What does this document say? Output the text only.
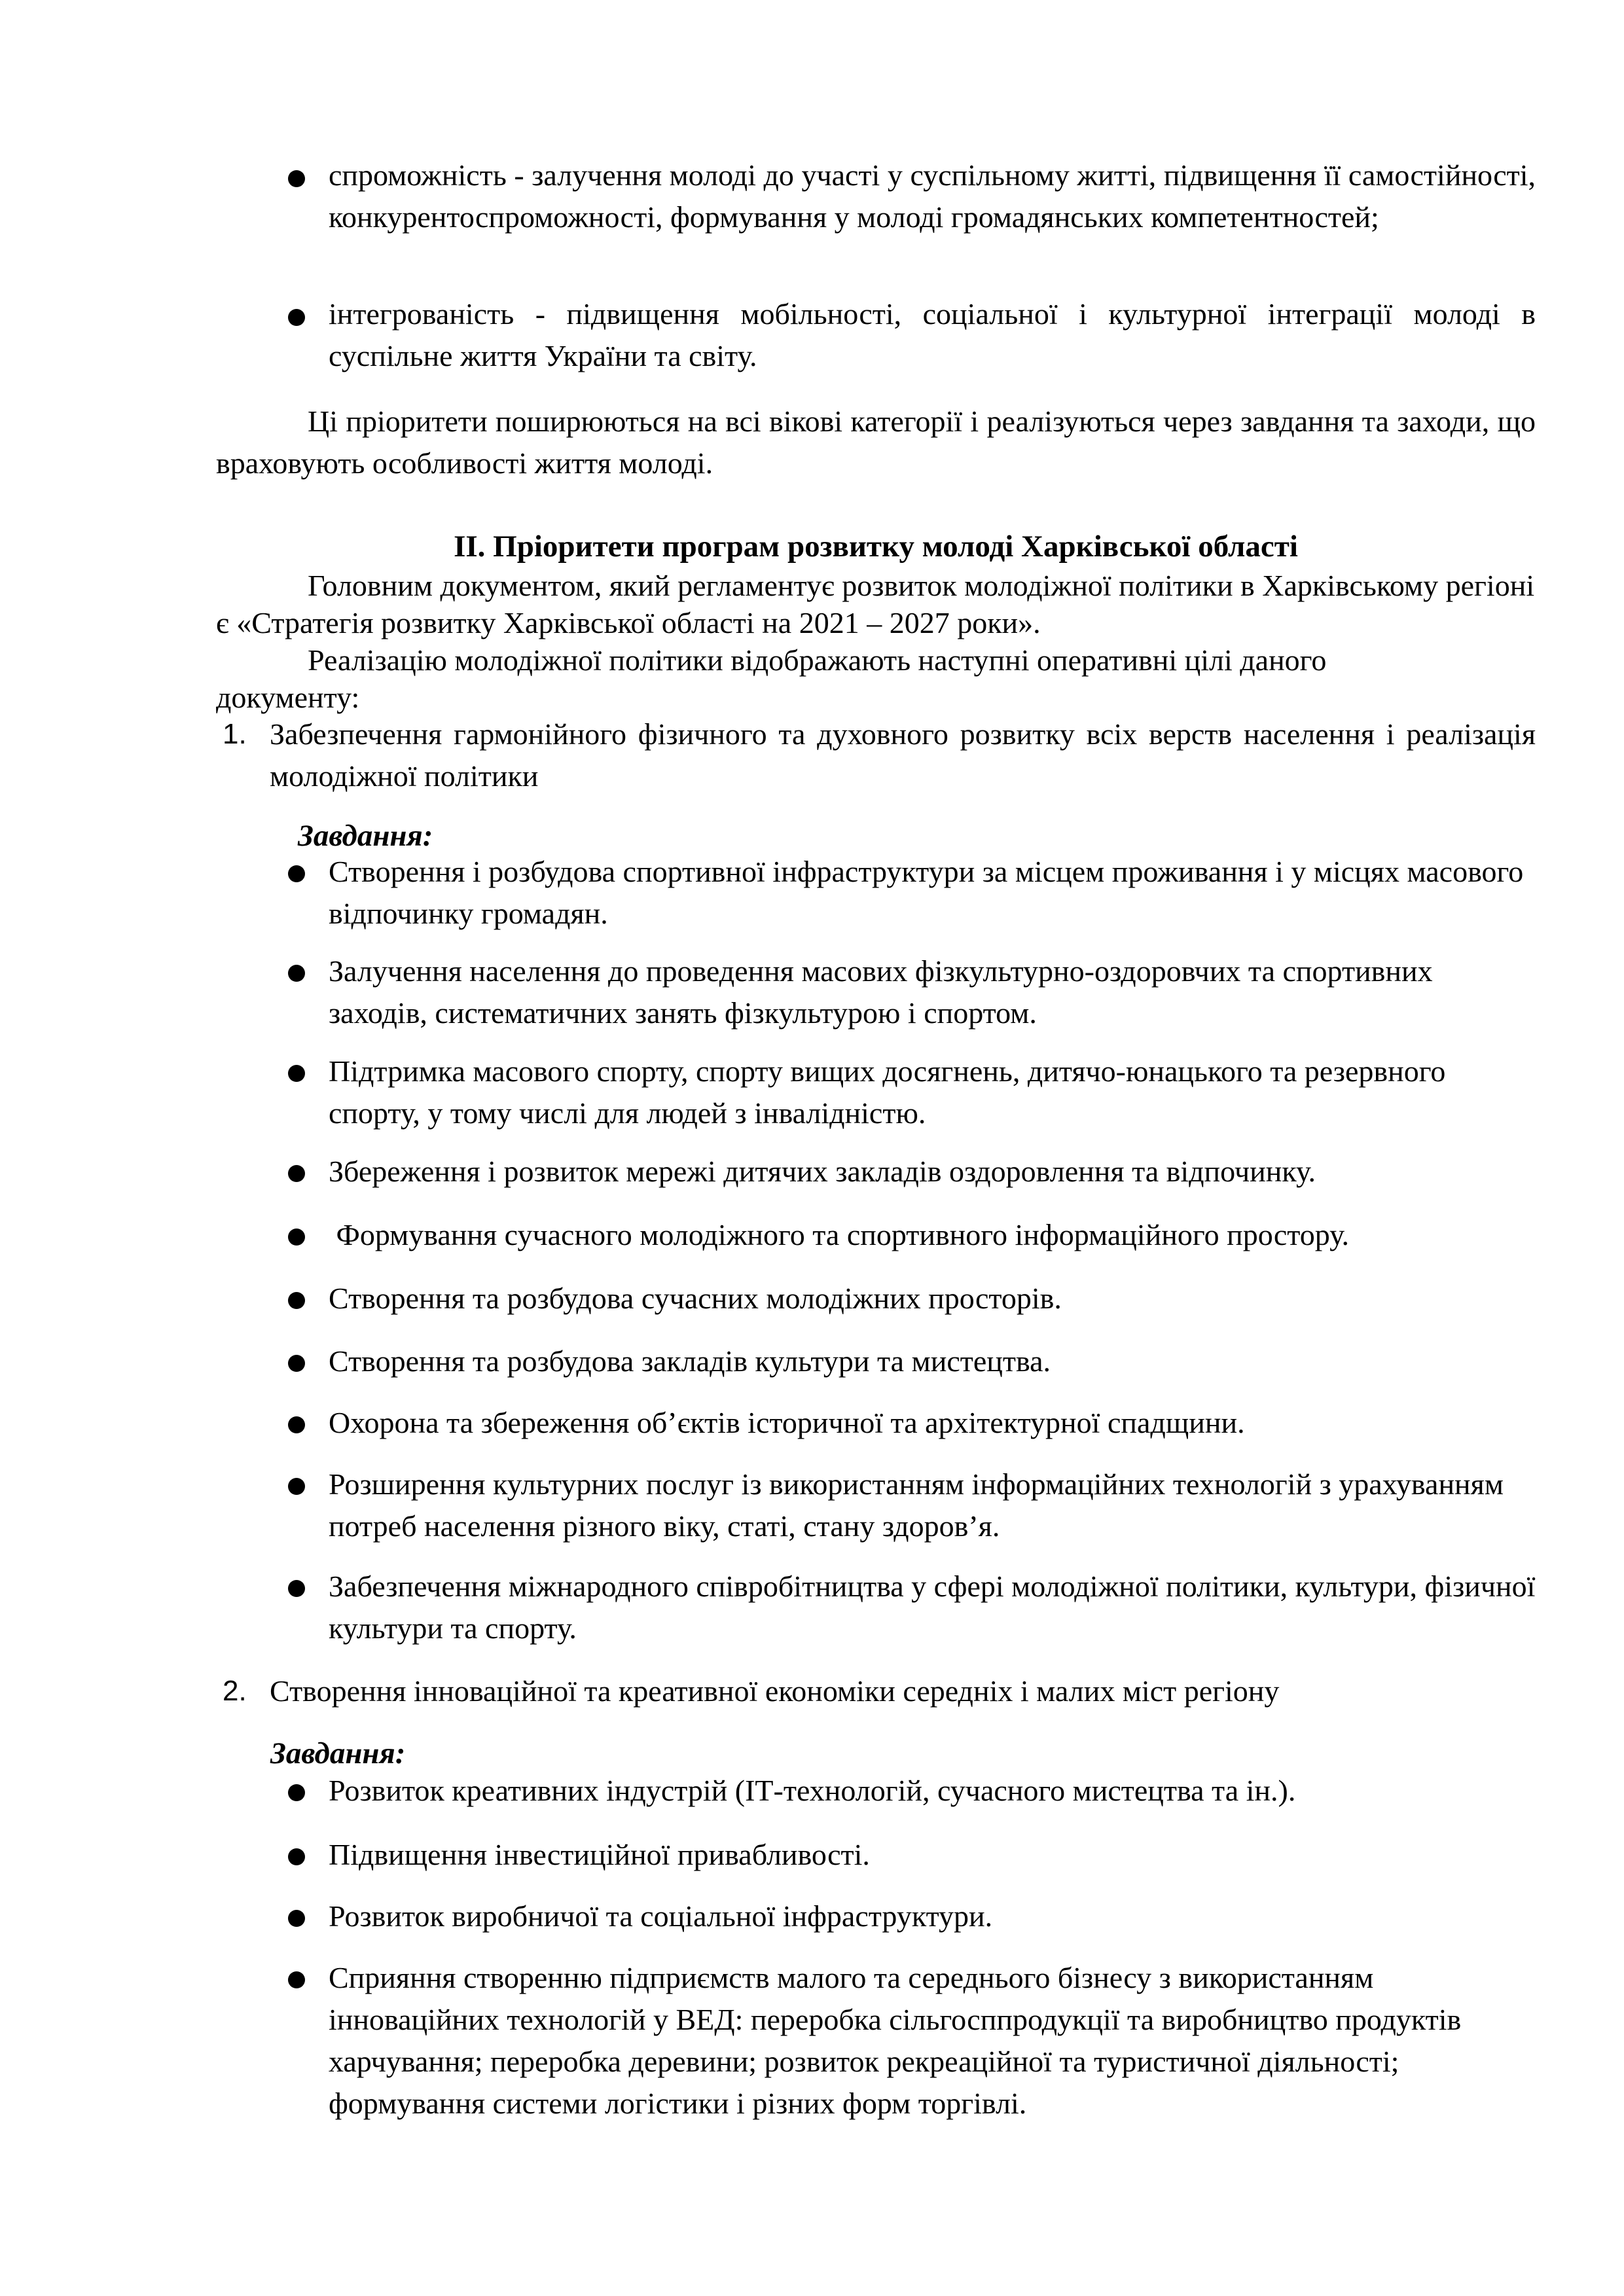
спроможність - залучення молоді до участі у суспільному житті, підвищення її самостійності, конкурентоспроможності, формування у молоді громадянських компетентностей;
інтегрованість - підвищення мобільності, соціальної і культурної інтеграції молоді в суспільне життя України та світу.
Ці пріоритети поширюються на всі вікові категорії і реалізуються через завдання та заходи, що враховують особливості життя молоді.
ІІ. Пріоритети програм розвитку молоді Харківської області
Головним документом, який регламентує розвиток молодіжної політики в Харківському регіоні є «Стратегія розвитку Харківської області на 2021 – 2027 роки».
Реалізацію молодіжної політики відображають наступні оперативні цілі даного документу:
1. Забезпечення гармонійного фізичного та духовного розвитку всіх верств населення і реалізація молодіжної політики
Завдання:
Створення і розбудова спортивної інфраструктури за місцем проживання і у місцях масового відпочинку громадян.
Залучення населення до проведення масових фізкультурно-оздоровчих та спортивних заходів, систематичних занять фізкультурою і спортом.
Підтримка масового спорту, спорту вищих досягнень, дитячо-юнацького та резервного спорту, у тому числі для людей з інвалідністю.
Збереження і розвиток мережі дитячих закладів оздоровлення та відпочинку.
Формування сучасного молодіжного та спортивного інформаційного простору.
Створення та розбудова сучасних молодіжних просторів.
Створення та розбудова закладів культури та мистецтва.
Охорона та збереження об’єктів історичної та архітектурної спадщини.
Розширення культурних послуг із використанням інформаційних технологій з урахуванням потреб населення різного віку, статі, стану здоров’я.
Забезпечення міжнародного співробітництва у сфері молодіжної політики, культури, фізичної культури та спорту.
2. Створення інноваційної та креативної економіки середніх і малих міст регіону
Завдання:
Розвиток креативних індустрій (ІТ-технологій, сучасного мистецтва та ін.).
Підвищення інвестиційної привабливості.
Розвиток виробничої та соціальної інфраструктури.
Сприяння створенню підприємств малого та середнього бізнесу з використанням інноваційних технологій у ВЕД: переробка сільгосппродукції та виробництво продуктів харчування; переробка деревини; розвиток рекреаційної та туристичної діяльності; формування системи логістики і різних форм торгівлі.
